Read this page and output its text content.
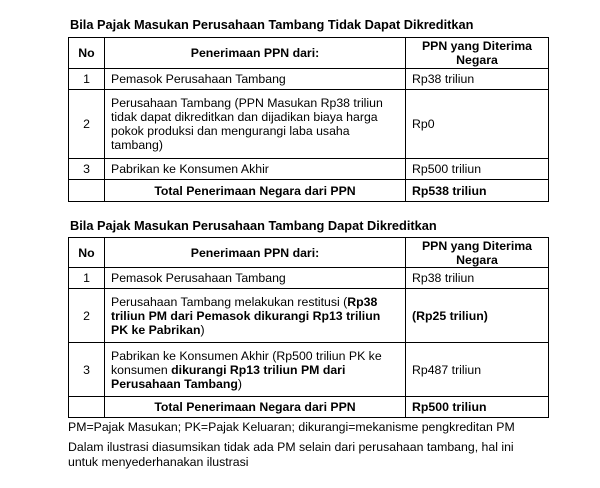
Bila Pajak Masukan Perusahaan Tambang Tidak Dapat Dikreditkan
No	Penerimaan PPN dari:	PPN yang Diterima
Negara
1	Pemasok Perusahaan Tambang	Rp38 triliun
2	Perusahaan Tambang (PPN Masukan Rp38 triliun tidak dapat dikreditkan dan dijadikan biaya harga pokok produksi dan mengurangi laba usaha tambang)	Rp0
3	Pabrikan ke Konsumen Akhir	Rp500 triliun
	Total Penerimaan Negara dari PPN	Rp538 triliun
Bila Pajak Masukan Perusahaan Tambang Dapat Dikreditkan
No	Penerimaan PPN dari:	PPN yang Diterima
Negara
1	Pemasok Perusahaan Tambang	Rp38 triliun
2	Perusahaan Tambang melakukan restitusi (Rp38 triliun PM dari Pemasok dikurangi Rp13 triliun PK ke Pabrikan)	(Rp25 triliun)
3	Pabrikan ke Konsumen Akhir (Rp500 triliun PK ke konsumen dikurangi Rp13 triliun PM dari Perusahaan Tambang)	Rp487 triliun
	Total Penerimaan Negara dari PPN	Rp500 triliun
PM=Pajak Masukan; PK=Pajak Keluaran; dikurangi=mekanisme pengkreditan PM
Dalam ilustrasi diasumsikan tidak ada PM selain dari perusahaan tambang, hal ini
untuk menyederhanakan ilustrasi
